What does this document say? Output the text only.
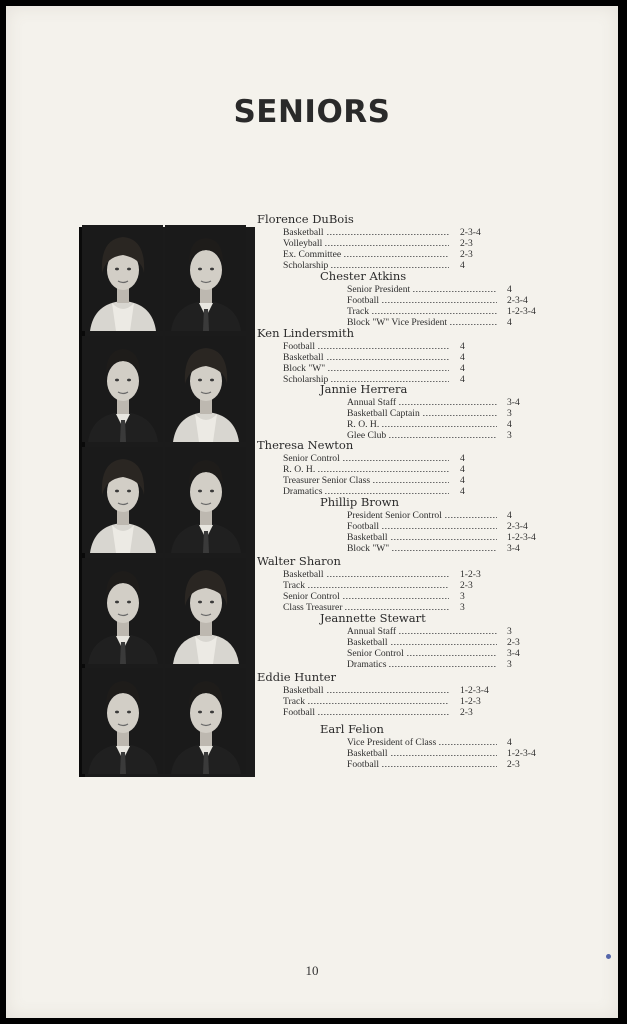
SENIORS
Florence DuBois
Basketball	2-3-4
Volleyball	2-3
Ex. Committee	2-3
Scholarship	4
Ken Lindersmith
Football	4
Basketball	4
Block "W"	4
Scholarship	4
Theresa Newton
Senior Control	4
R. O. H.	4
Treasurer Senior Class	4
Dramatics	4
Walter Sharon
Basketball	1-2-3
Track	2-3
Senior Control	3
Class Treasurer	3
Eddie Hunter
Basketball	1-2-3-4
Track	1-2-3
Football	2-3
Chester Atkins
Senior President	4
Football	2-3-4
Track	1-2-3-4
Block "W" Vice President	4
Jannie Herrera
Annual Staff	3-4
Basketball Captain	3
R. O. H.	4
Glee Club	3
Phillip Brown
President Senior Control	4
Football	2-3-4
Basketball	1-2-3-4
Block "W"	3-4
Jeannette Stewart
Annual Staff	3
Basketball	2-3
Senior Control	3-4
Dramatics	3
Earl Felion
Vice President of Class	4
Basketball	1-2-3-4
Football	2-3
10
